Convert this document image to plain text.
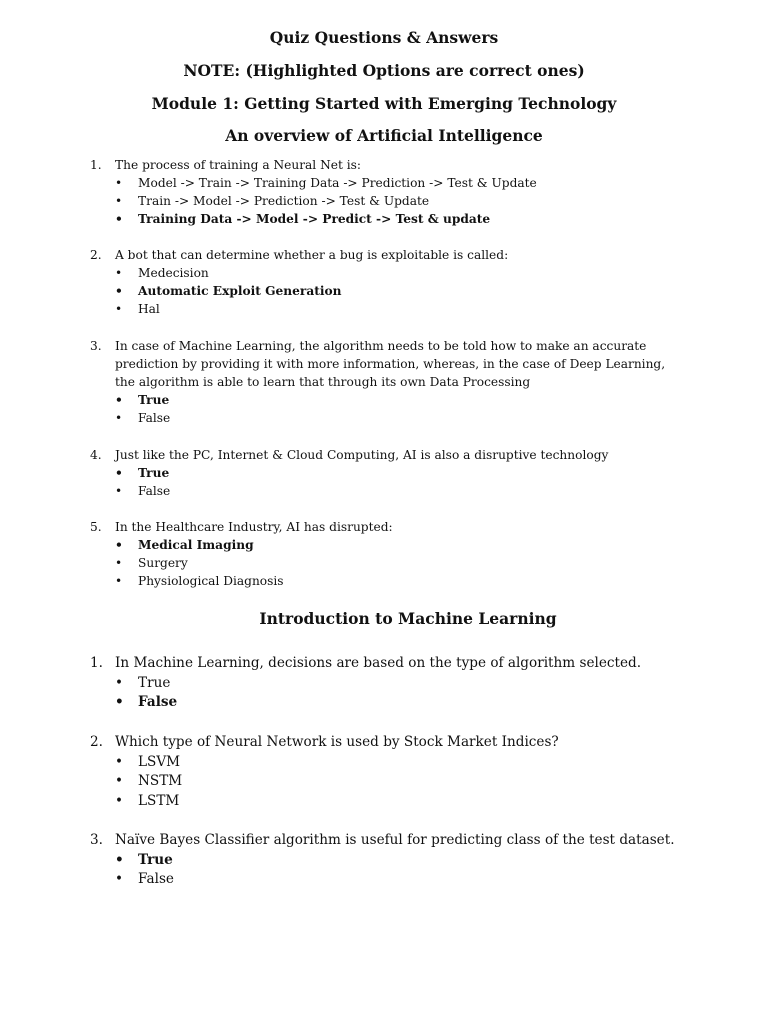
Quiz Questions & Answers
NOTE: (Highlighted Options are correct ones)
Module 1: Getting Started with Emerging Technology
An overview of Artificial Intelligence
1.	The process of training a Neural Net is:
•	Model -> Train -> Training Data -> Prediction -> Test & Update
•	Train -> Model -> Prediction -> Test & Update
•	Training Data -> Model -> Predict -> Test & update
2.	A bot that can determine whether a bug is exploitable is called:
•	Medecision
•	Automatic Exploit Generation
•	Hal
3.	In case of Machine Learning, the algorithm needs to be told how to make an accurate prediction by providing it with more information, whereas, in the case of Deep Learning, the algorithm is able to learn that through its own Data Processing
•	True
•	False
4.	Just like the PC, Internet & Cloud Computing, AI is also a disruptive technology
•	True
•	False
5.	In the Healthcare Industry, AI has disrupted:
•	Medical Imaging
•	Surgery
•	Physiological Diagnosis
Introduction to Machine Learning
1. In Machine Learning, decisions are based on the type of algorithm selected.
•	True
•	False
2. Which type of Neural Network is used by Stock Market Indices?
•	LSVM
•	NSTM
•	LSTM
3. Naïve Bayes Classifier algorithm is useful for predicting class of the test dataset.
•	True
•	False
